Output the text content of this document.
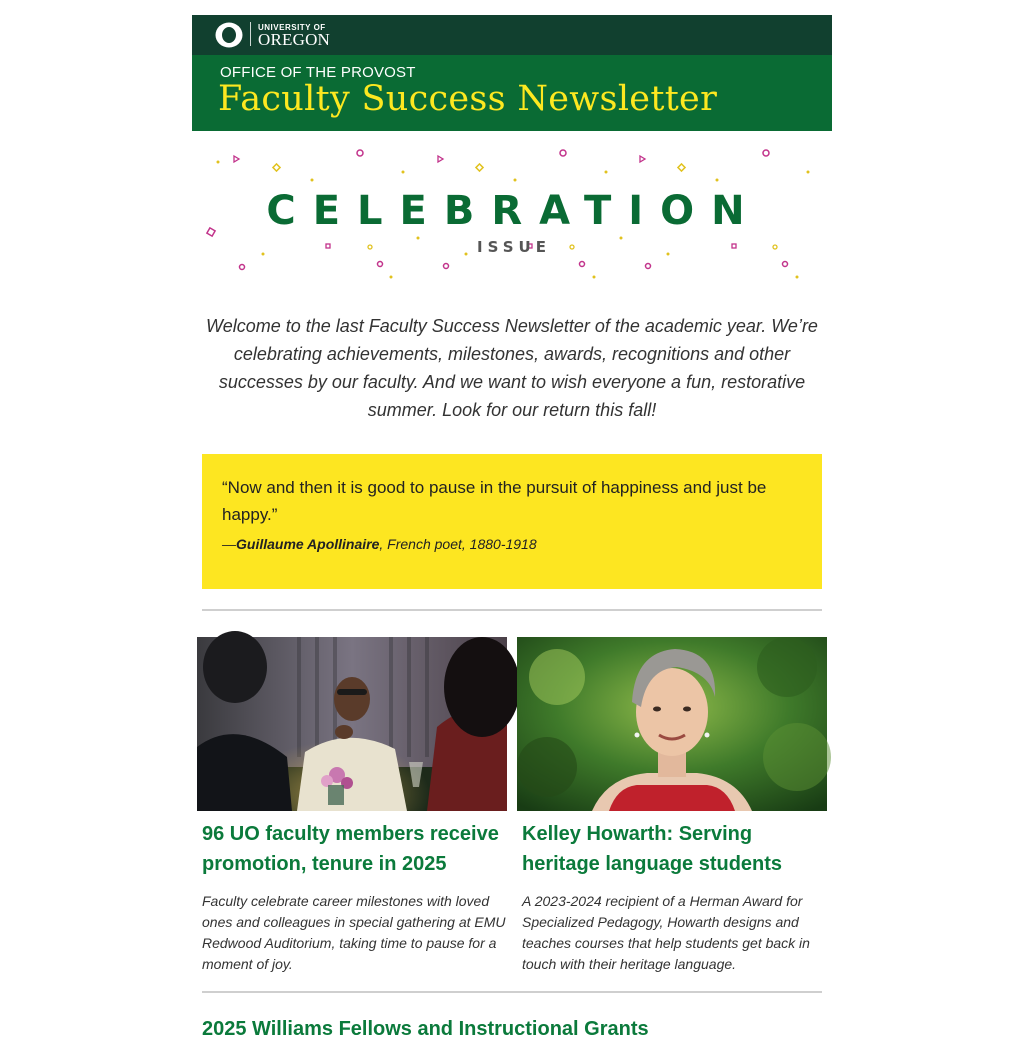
UNIVERSITY OF
OREGON
OFFICE OF THE PROVOST
Faculty Success Newsletter
CELEBRATION
ISSUE

Welcome to the last Faculty Success Newsletter of the academic year. We’re celebrating achievements, milestones, awards, recognitions and other successes by our faculty. And we want to wish everyone a fun, restorative summer. Look for our return this fall!

“Now and then it is good to pause in the pursuit of happiness and just be happy.”

—Guillaume Apollinaire, French poet, 1880-1918

96 UO faculty members receive promotion, tenure in 2025

Faculty celebrate career milestones with loved ones and colleagues in special gathering at EMU Redwood Auditorium, taking time to pause for a moment of joy.

Kelley Howarth: Serving heritage language students

A 2023-2024 recipient of a Herman Award for Specialized Pedagogy, Howarth designs and teaches courses that help students get back in touch with their heritage language.

2025 Williams Fellows and Instructional Grants
